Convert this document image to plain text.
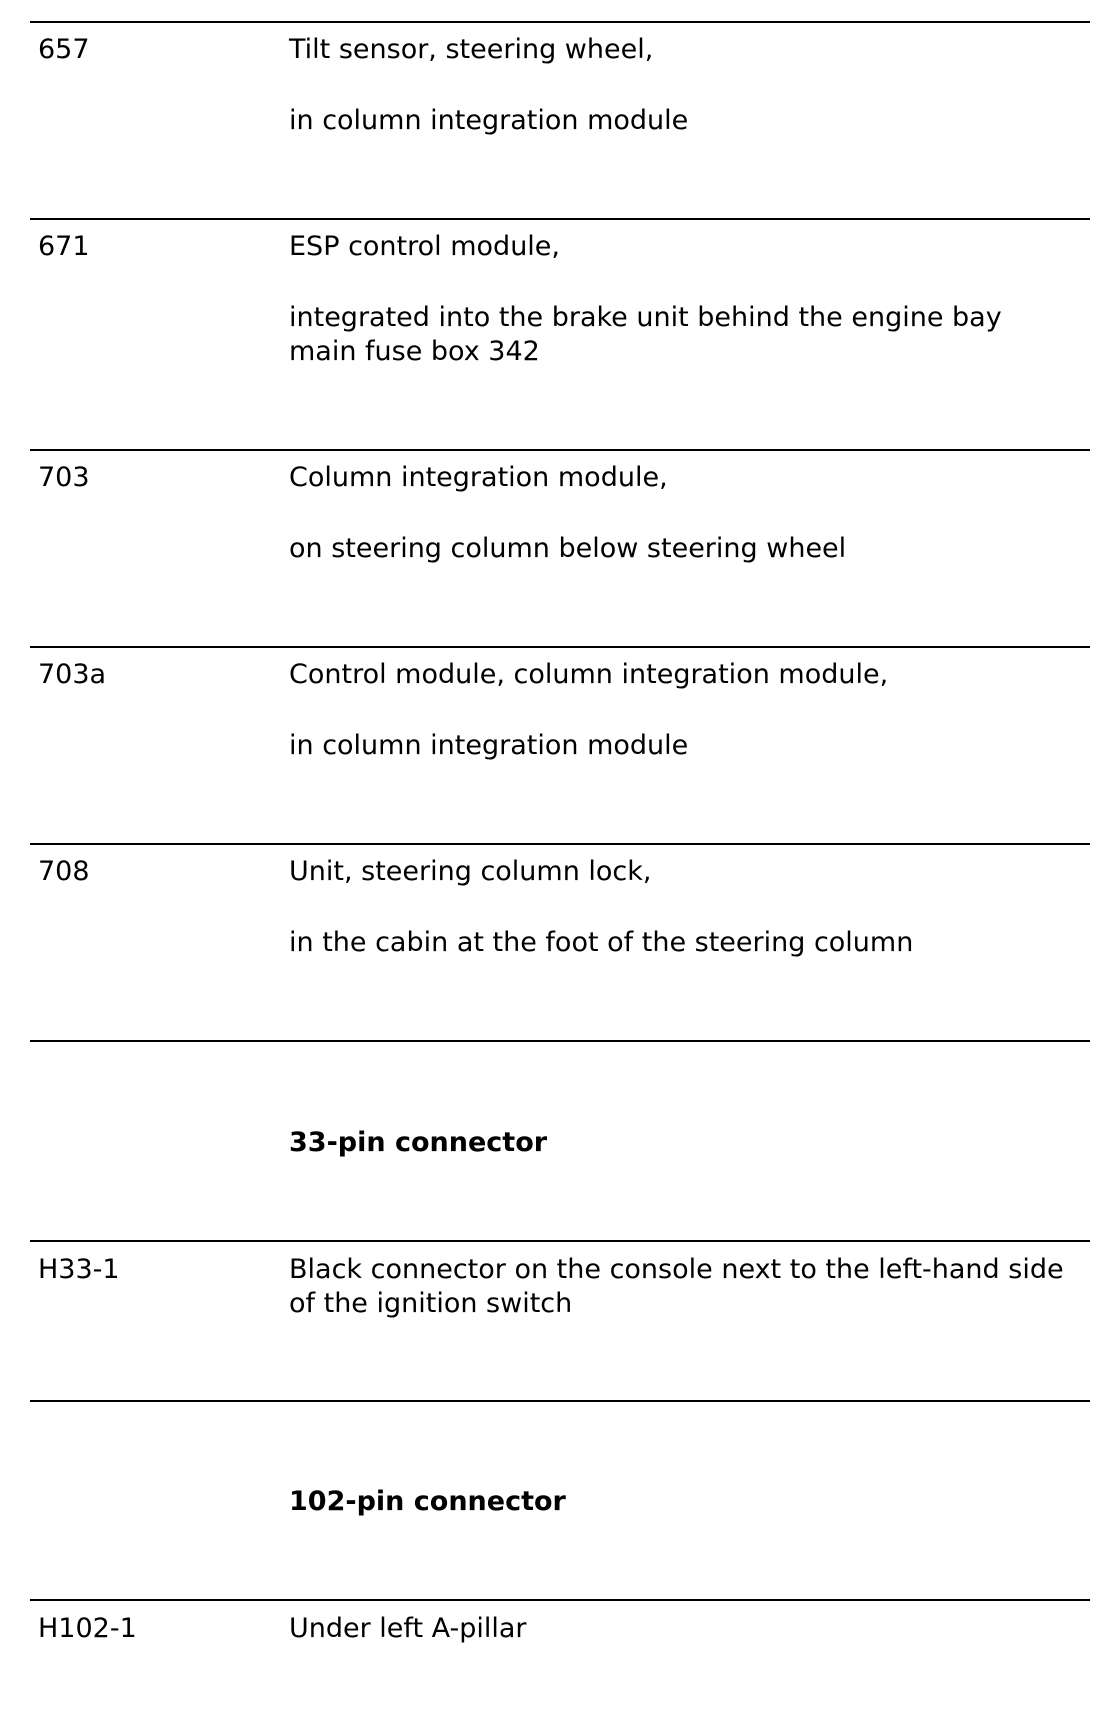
657	Tilt sensor, steering wheel,
in column integration module
671	ESP control module,
integrated into the brake unit behind the engine bay main fuse box 342
703	Column integration module,
on steering column below steering wheel
703a	Control module, column integration module,
in column integration module
708	Unit, steering column lock,
in the cabin at the foot of the steering column
33-pin connector
H33-1	Black connector on the console next to the left-hand side of the ignition switch
102-pin connector
H102-1	Under left A-pillar
